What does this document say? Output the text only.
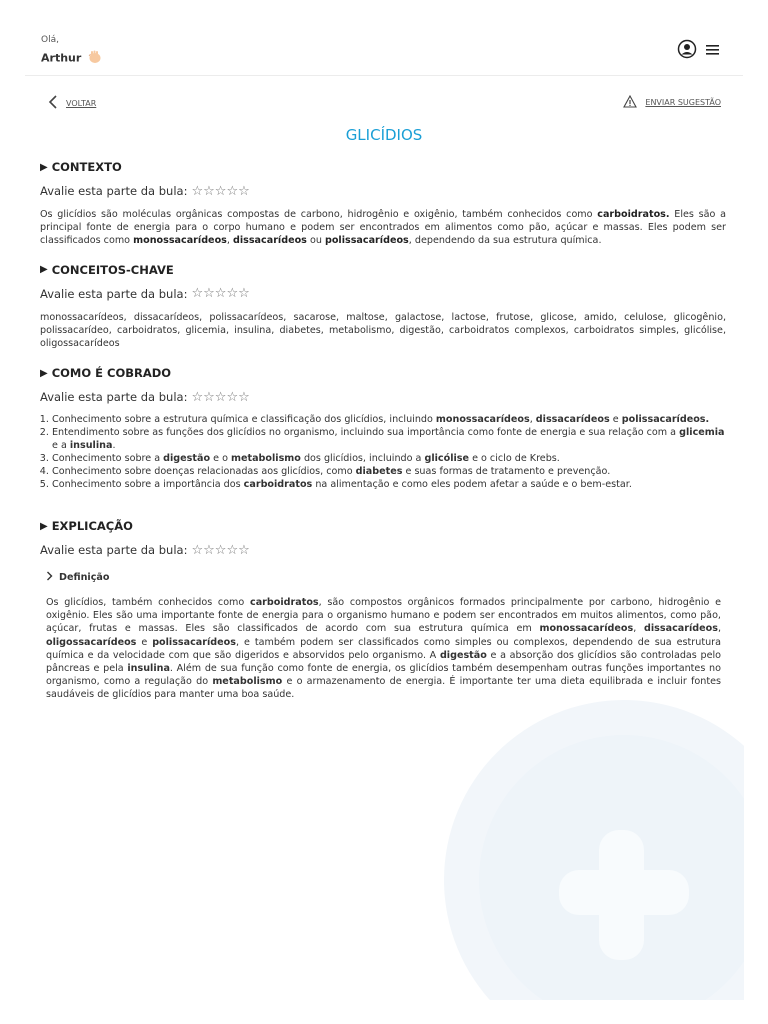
Olá,
Arthur
VOLTAR	ENVIAR SUGESTÃO
GLICÍDIOS
▶ CONTEXTO
Avalie esta parte da bula: ☆ ☆ ☆ ☆ ☆

Os glicídios são moléculas orgânicas compostas de carbono, hidrogênio e oxigênio, também conhecidos como carboidratos. Eles são a principal fonte de energia para o corpo humano e podem ser encontrados em alimentos como pão, açúcar e massas. Eles podem ser classificados como monossacarídeos, dissacarídeos ou polissacarídeos, dependendo da sua estrutura química.

▶ CONCEITOS-CHAVE
Avalie esta parte da bula: ☆ ☆ ☆ ☆ ☆

monossacarídeos, dissacarídeos, polissacarídeos, sacarose, maltose, galactose, lactose, frutose, glicose, amido, celulose, glicogênio, polissacarídeo, carboidratos, glicemia, insulina, diabetes, metabolismo, digestão, carboidratos complexos, carboidratos simples, glicólise, oligossacarídeos

▶ COMO É COBRADO
Avalie esta parte da bula: ☆ ☆ ☆ ☆ ☆
1. Conhecimento sobre a estrutura química e classificação dos glicídios, incluindo monossacarídeos, dissacarídeos e polissacarídeos.
2. Entendimento sobre as funções dos glicídios no organismo, incluindo sua importância como fonte de energia e sua relação com a glicemia e a insulina.
3. Conhecimento sobre a digestão e o metabolismo dos glicídios, incluindo a glicólise e o ciclo de Krebs.
4. Conhecimento sobre doenças relacionadas aos glicídios, como diabetes e suas formas de tratamento e prevenção.
5. Conhecimento sobre a importância dos carboidratos na alimentação e como eles podem afetar a saúde e o bem-estar.
▶ EXPLICAÇÃO
Avalie esta parte da bula: ☆ ☆ ☆ ☆ ☆
Definição

Os glicídios, também conhecidos como carboidratos, são compostos orgânicos formados principalmente por carbono, hidrogênio e oxigênio. Eles são uma importante fonte de energia para o organismo humano e podem ser encontrados em muitos alimentos, como pão, açúcar, frutas e massas. Eles são classificados de acordo com sua estrutura química em monossacarídeos, dissacarídeos, oligossacarídeos e polissacarídeos, e também podem ser classificados como simples ou complexos, dependendo de sua estrutura química e da velocidade com que são digeridos e absorvidos pelo organismo. A digestão e a absorção dos glicídios são controladas pelo pâncreas e pela insulina. Além de sua função como fonte de energia, os glicídios também desempenham outras funções importantes no organismo, como a regulação do metabolismo e o armazenamento de energia. É importante ter uma dieta equilibrada e incluir fontes saudáveis de glicídios para manter uma boa saúde.
